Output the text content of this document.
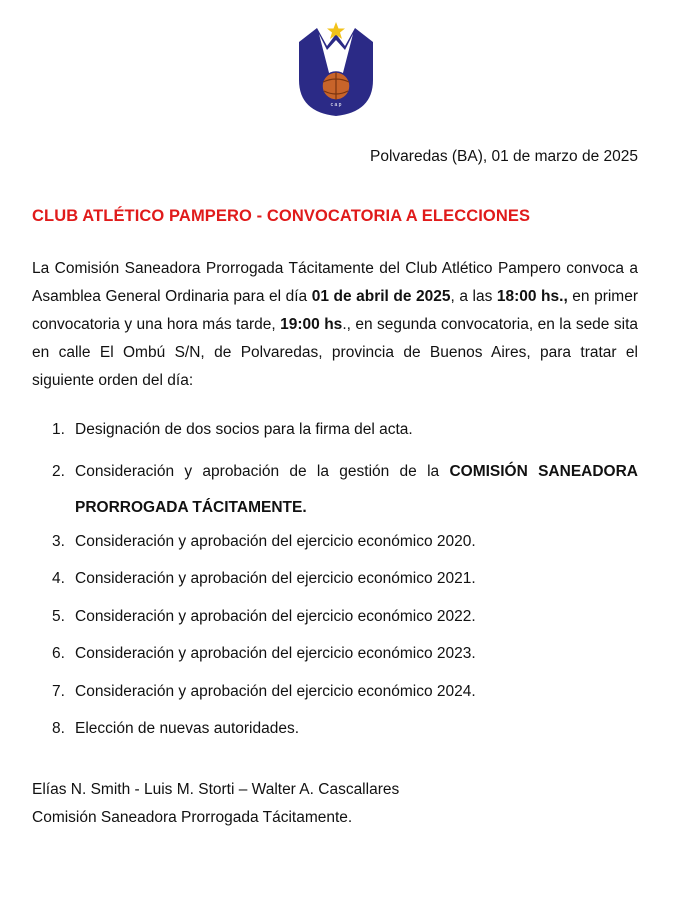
c a p
Polvaredas (BA), 01 de marzo de 2025
CLUB ATLÉTICO PAMPERO - CONVOCATORIA A ELECCIONES
La Comisión Saneadora Prorrogada Tácitamente del Club Atlético Pampero convoca a Asamblea General Ordinaria para el día 01 de abril de 2025, a las 18:00 hs., en primer convocatoria y una hora más tarde, 19:00 hs., en segunda convocatoria, en la sede sita en calle El Ombú S/N, de Polvaredas, provincia de Buenos Aires, para tratar el siguiente orden del día:
1. Designación de dos socios para la firma del acta.
2. Consideración y aprobación de la gestión de la COMISIÓN SANEADORA PRORROGADA TÁCITAMENTE.
3. Consideración y aprobación del ejercicio económico 2020.
4. Consideración y aprobación del ejercicio económico 2021.
5. Consideración y aprobación del ejercicio económico 2022.
6. Consideración y aprobación del ejercicio económico 2023.
7. Consideración y aprobación del ejercicio económico 2024.
8. Elección de nuevas autoridades.
Elías N. Smith - Luis M. Storti – Walter A. Cascallares
Comisión Saneadora Prorrogada Tácitamente.
